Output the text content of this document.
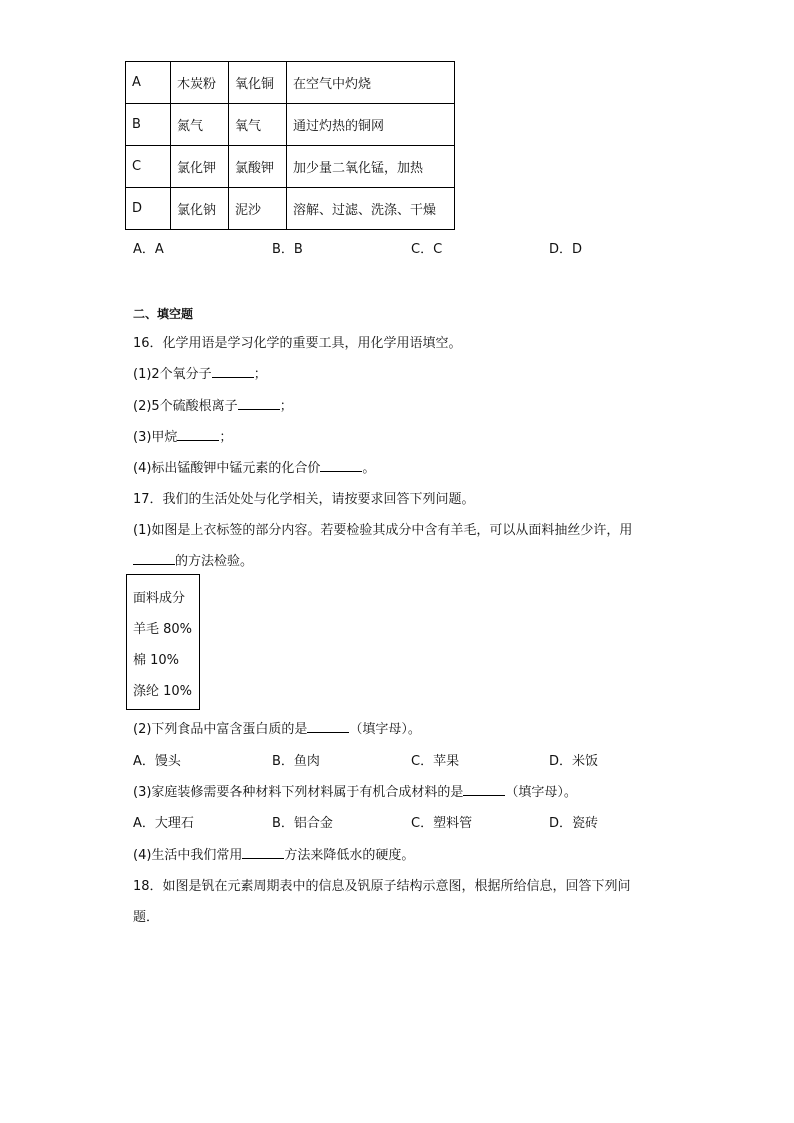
A	木炭粉	氧化铜	在空气中灼烧
B	氮气	氧气	通过灼热的铜网
C	氯化钾	氯酸钾	加少量二氧化锰，加热
D	氯化钠	泥沙	溶解、过滤、洗涤、干燥
A．A	B．B	C．C	D．D
二、填空题
16．化学用语是学习化学的重要工具，用化学用语填空。
(1)2个氧分子	；
(2)5个硫酸根离子	；
(3)甲烷	；
(4)标出锰酸钾中锰元素的化合价	。
17．我们的生活处处与化学相关，请按要求回答下列问题。
(1)如图是上衣标签的部分内容。若要检验其成分中含有羊毛，可以从面料抽丝少许，用
的方法检验。
面料成分
羊毛 80%
棉 10%
涤纶 10%
(2)下列食品中富含蛋白质的是	（填字母）。
A．馒头	B．鱼肉	C．苹果	D．米饭
(3)家庭装修需要各种材料下列材料属于有机合成材料的是	（填字母）。
A．大理石	B．铝合金	C．塑料管	D．瓷砖
(4)生活中我们常用	方法来降低水的硬度。
18．如图是钒在元素周期表中的信息及钒原子结构示意图，根据所给信息，回答下列问
题．
